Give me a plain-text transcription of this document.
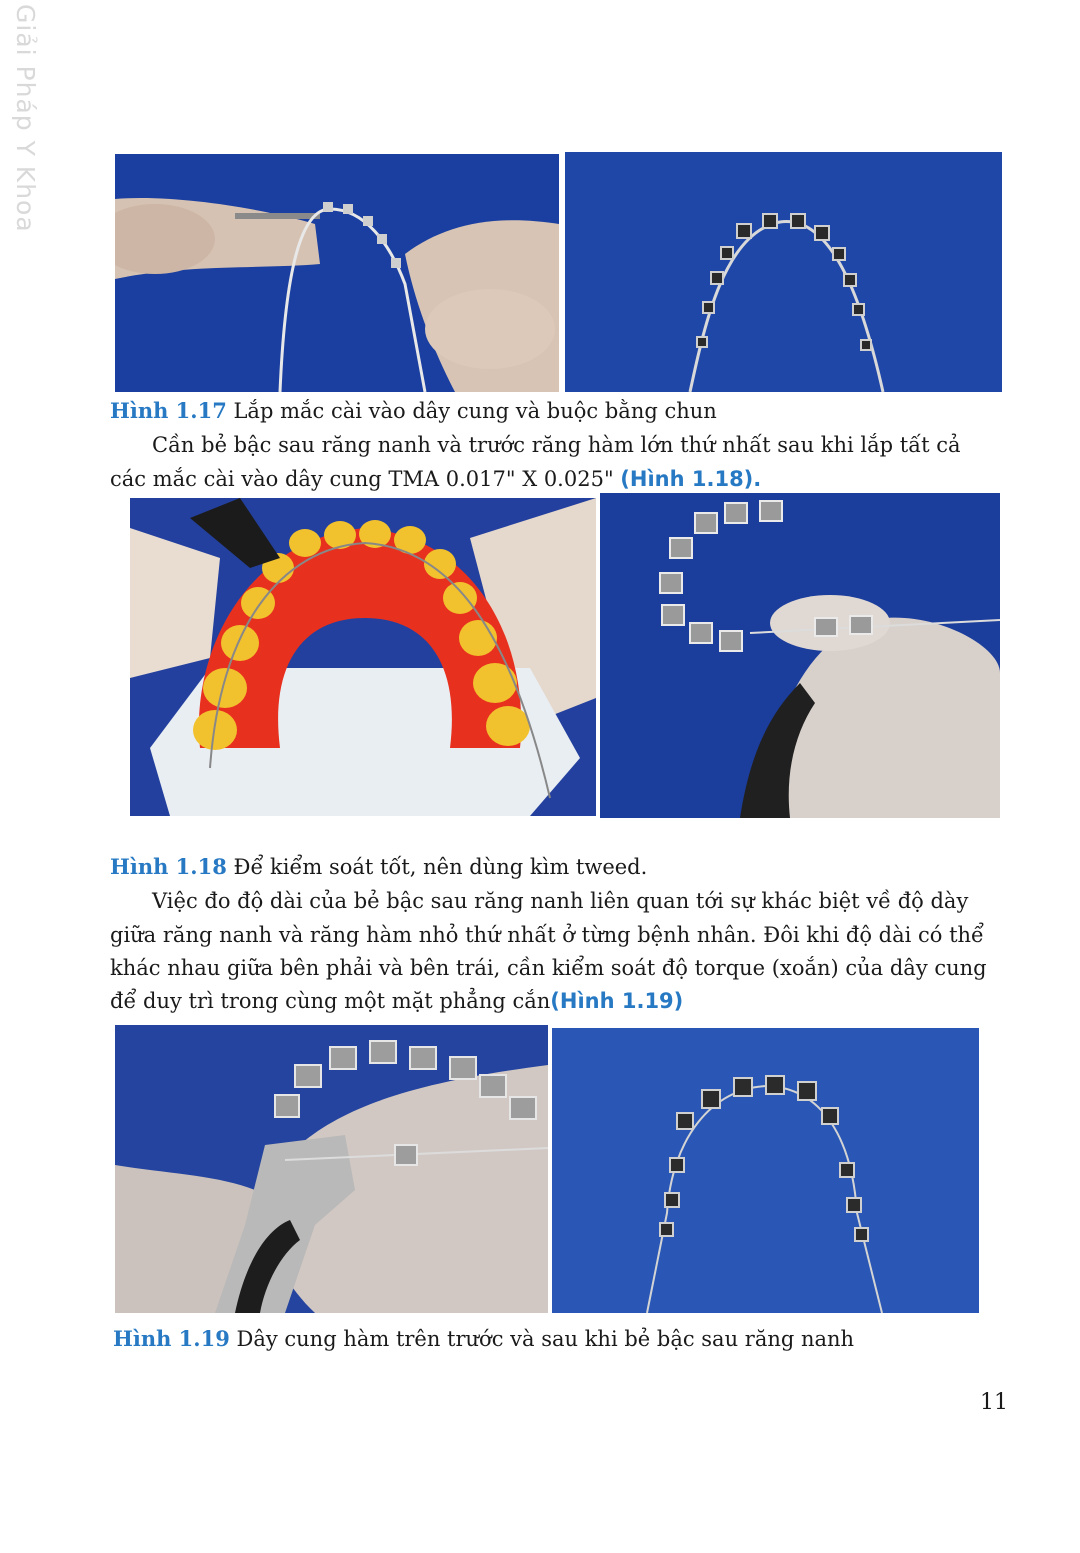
Giải Pháp Y Khoa
Hình 1.17 Lắp mắc cài vào dây cung và buộc bằng chun
Cần bẻ bậc sau răng nanh và trước răng hàm lớn thứ nhất sau khi lắp tất cả
các mắc cài vào dây cung TMA 0.017" X 0.025" (Hình 1.18).
Hình 1.18 Để kiểm soát tốt, nên dùng kìm tweed.
Việc đo độ dài của bẻ bậc sau răng nanh liên quan tới sự khác biệt về độ dày
giữa răng nanh và răng hàm nhỏ thứ nhất ở từng bệnh nhân. Đôi khi độ dài có thể
khác nhau giữa bên phải và bên trái, cần kiểm soát độ torque (xoắn) của dây cung
để duy trì trong cùng một mặt phẳng cắn(Hình 1.19)
Hình 1.19 Dây cung hàm trên trước và sau khi bẻ bậc sau răng nanh
11
